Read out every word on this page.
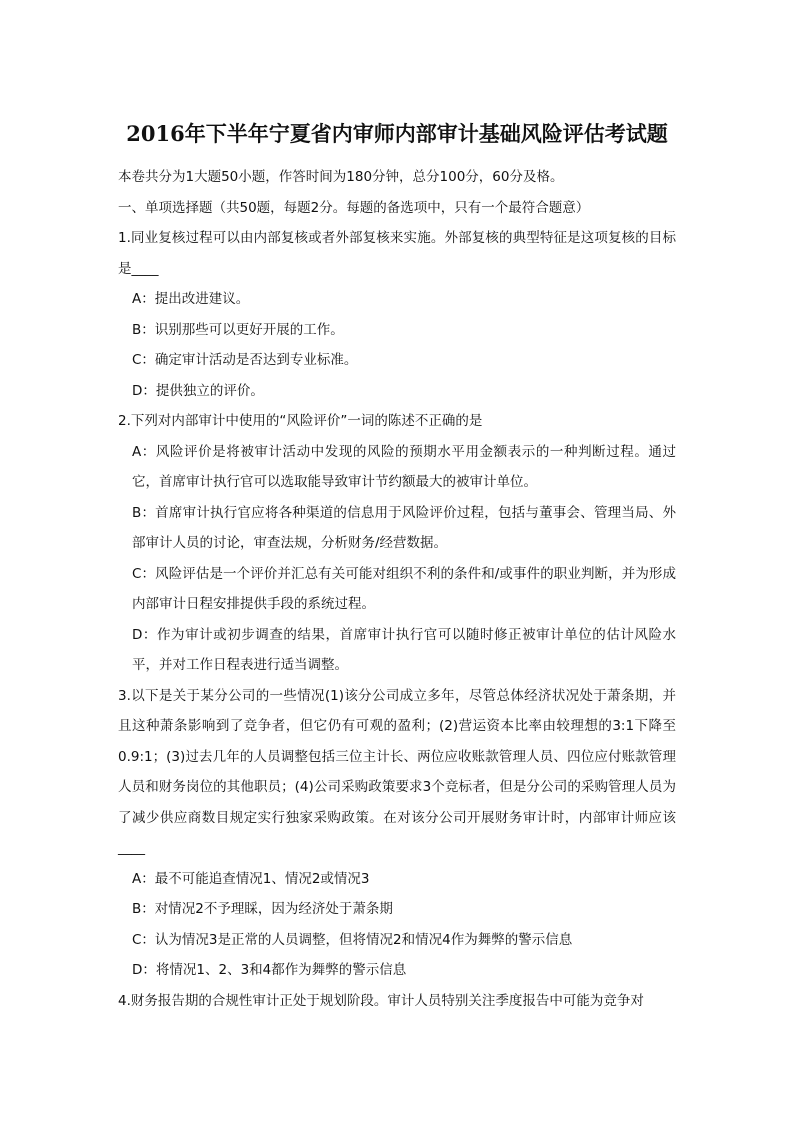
2016年下半年宁夏省内审师内部审计基础风险评估考试题

本卷共分为1大题50小题，作答时间为180分钟，总分100分，60分及格。

一、单项选择题（共50题，每题2分。每题的备选项中，只有一个最符合题意）

1.同业复核过程可以由内部复核或者外部复核来实施。外部复核的典型特征是这项复核的目标是____

A：提出改进建议。

B：识别那些可以更好开展的工作。

C：确定审计活动是否达到专业标准。

D：提供独立的评价。

2.下列对内部审计中使用的“风险评价”一词的陈述不正确的是

A：风险评价是将被审计活动中发现的风险的预期水平用金额表示的一种判断过程。通过它，首席审计执行官可以选取能导致审计节约额最大的被审计单位。

B：首席审计执行官应将各种渠道的信息用于风险评价过程，包括与董事会、管理当局、外部审计人员的讨论，审查法规，分析财务/经营数据。

C：风险评估是一个评价并汇总有关可能对组织不利的条件和/或事件的职业判断，并为形成内部审计日程安排提供手段的系统过程。

D：作为审计或初步调查的结果，首席审计执行官可以随时修正被审计单位的估计风险水平，并对工作日程表进行适当调整。

3.以下是关于某分公司的一些情况(1)该分公司成立多年，尽管总体经济状况处于萧条期，并且这种萧条影响到了竞争者，但它仍有可观的盈利；(2)营运资本比率由较理想的3:1下降至0.9:1；(3)过去几年的人员调整包括三位主计长、两位应收账款管理人员、四位应付账款管理人员和财务岗位的其他职员；(4)公司采购政策要求3个竞标者，但是分公司的采购管理人员为了减少供应商数目规定实行独家采购政策。在对该分公司开展财务审计时，内部审计师应该____

A：最不可能追查情况1、情况2或情况3

B：对情况2不予理睬，因为经济处于萧条期

C：认为情况3是正常的人员调整，但将情况2和情况4作为舞弊的警示信息

D：将情况1、2、3和4都作为舞弊的警示信息

4.财务报告期的合规性审计正处于规划阶段。审计人员特别关注季度报告中可能为竞争对
